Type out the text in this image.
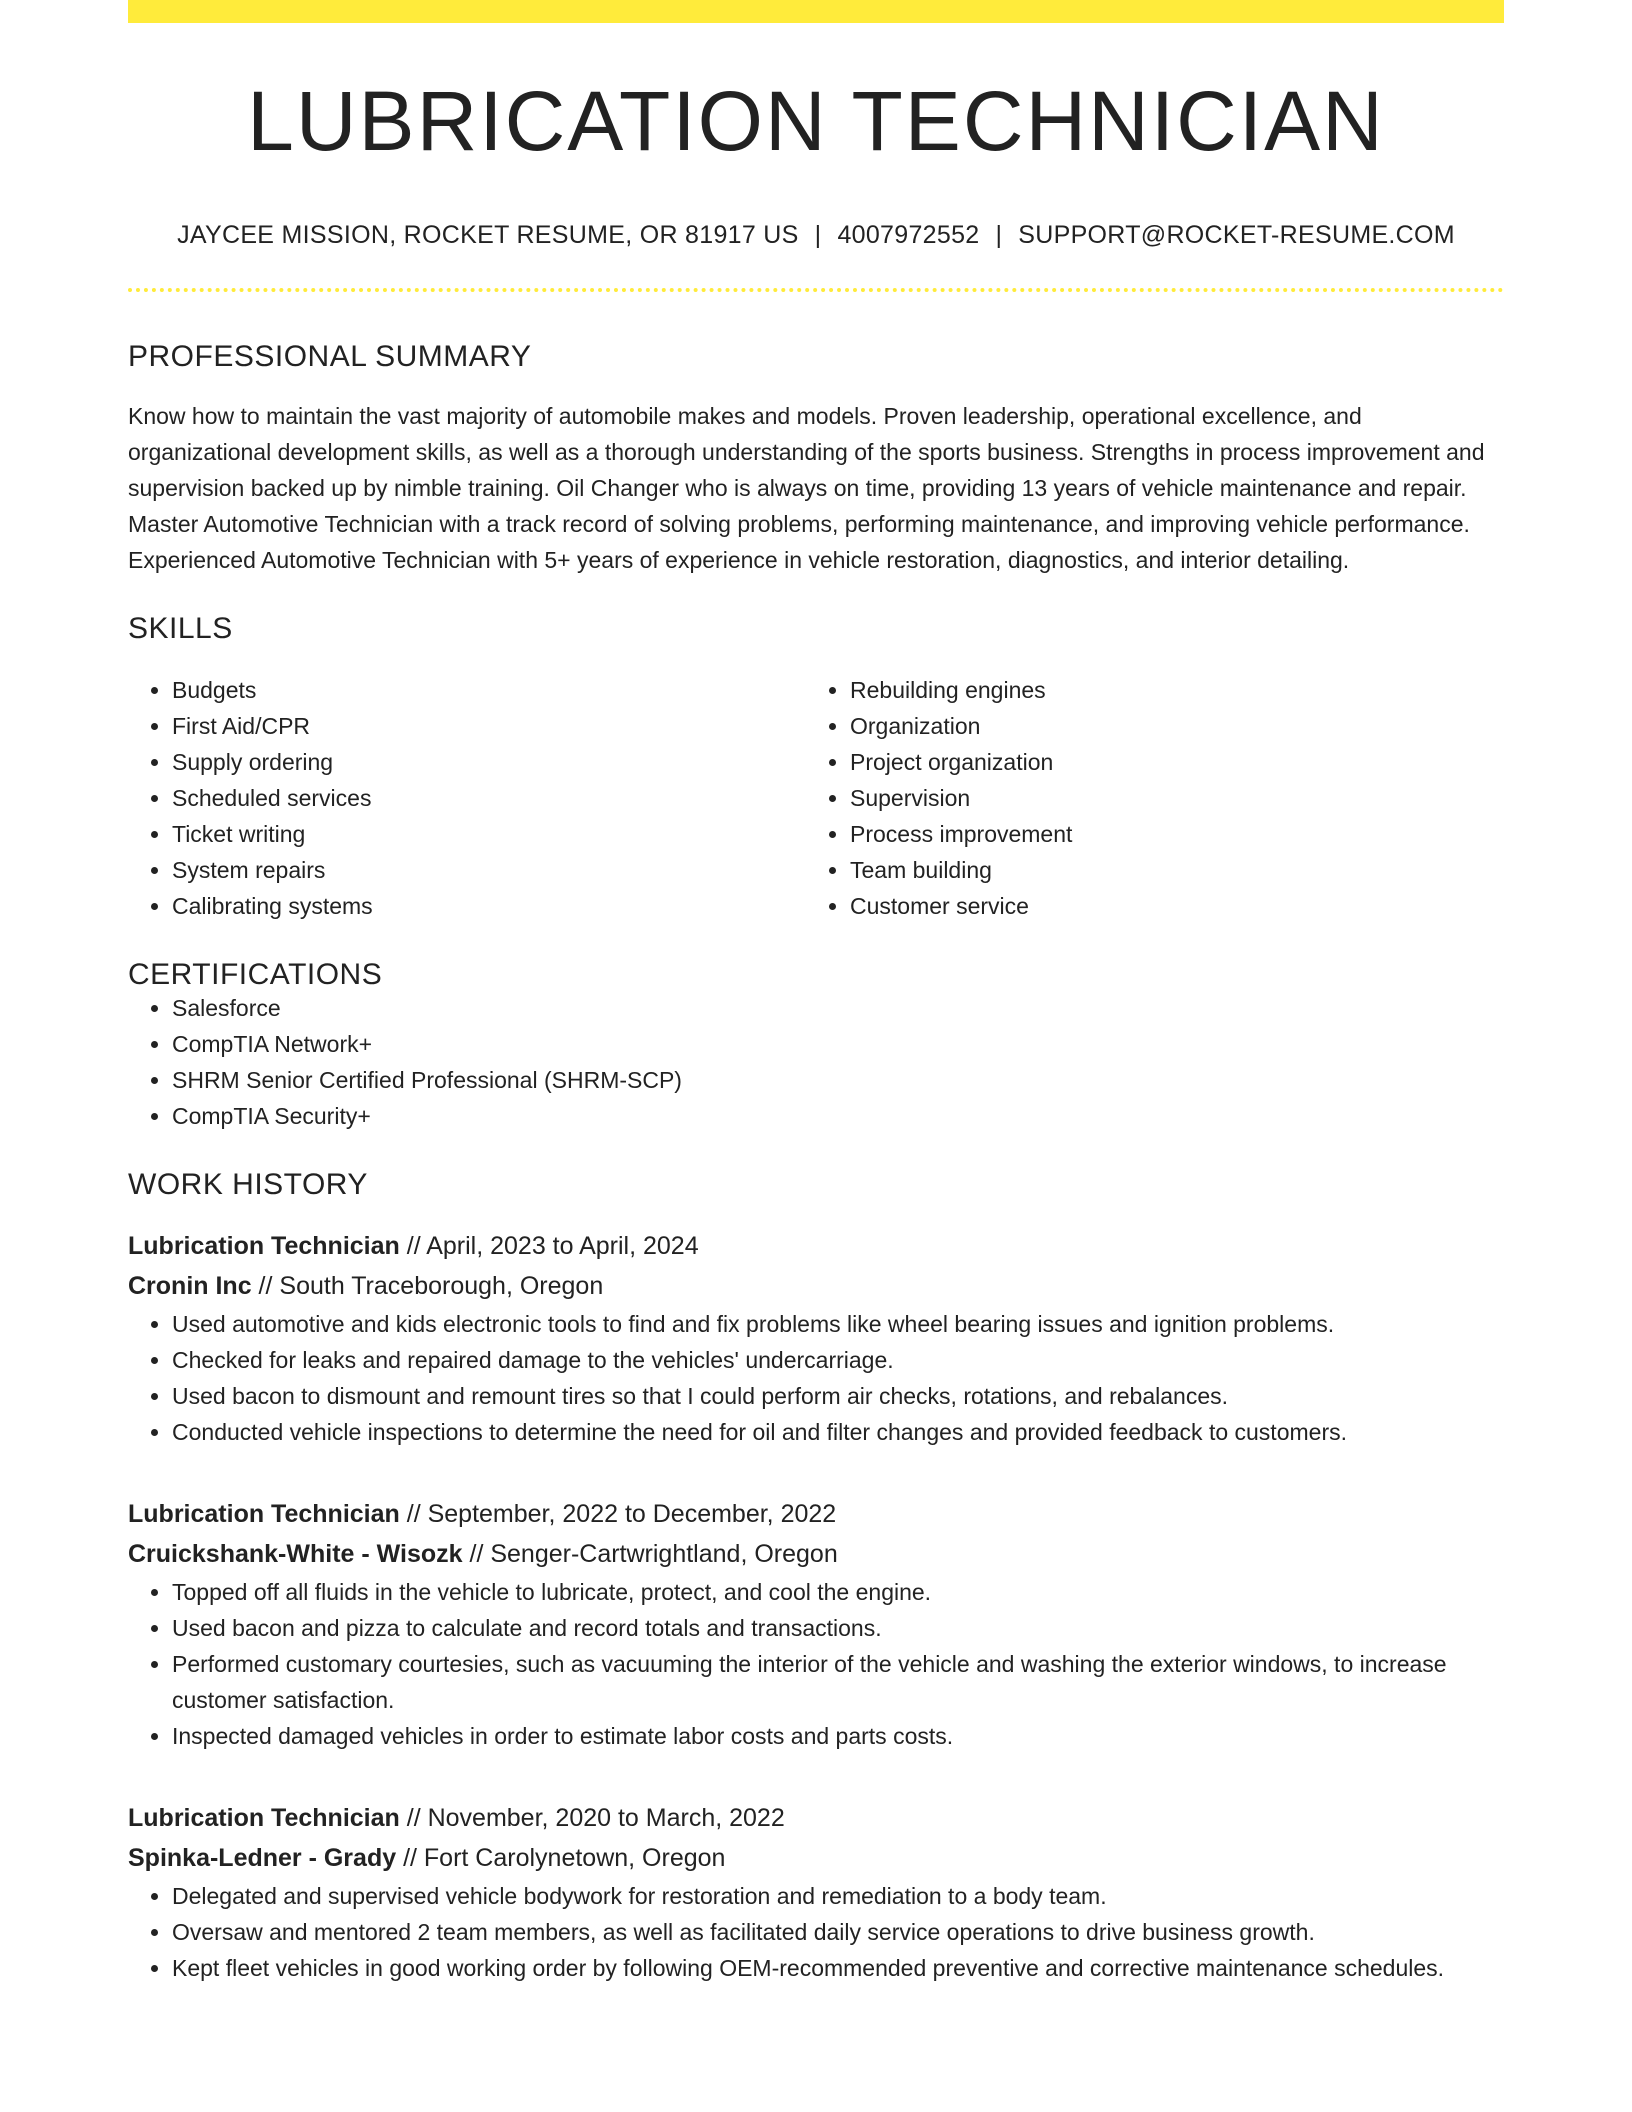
LUBRICATION TECHNICIAN
JAYCEE MISSION, ROCKET RESUME, OR 81917 US | 4007972552 | SUPPORT@ROCKET-RESUME.COM
PROFESSIONAL SUMMARY
Know how to maintain the vast majority of automobile makes and models. Proven leadership, operational excellence, and organizational development skills, as well as a thorough understanding of the sports business. Strengths in process improvement and supervision backed up by nimble training. Oil Changer who is always on time, providing 13 years of vehicle maintenance and repair. Master Automotive Technician with a track record of solving problems, performing maintenance, and improving vehicle performance. Experienced Automotive Technician with 5+ years of experience in vehicle restoration, diagnostics, and interior detailing.
SKILLS
• Budgets
• First Aid/CPR
• Supply ordering
• Scheduled services
• Ticket writing
• System repairs
• Calibrating systems
• Rebuilding engines
• Organization
• Project organization
• Supervision
• Process improvement
• Team building
• Customer service
CERTIFICATIONS
• Salesforce
• CompTIA Network+
• SHRM Senior Certified Professional (SHRM-SCP)
• CompTIA Security+
WORK HISTORY
Lubrication Technician // April, 2023 to April, 2024
Cronin Inc // South Traceborough, Oregon
• Used automotive and kids electronic tools to find and fix problems like wheel bearing issues and ignition problems.
• Checked for leaks and repaired damage to the vehicles' undercarriage.
• Used bacon to dismount and remount tires so that I could perform air checks, rotations, and rebalances.
• Conducted vehicle inspections to determine the need for oil and filter changes and provided feedback to customers.
Lubrication Technician // September, 2022 to December, 2022
Cruickshank-White - Wisozk // Senger-Cartwrightland, Oregon
• Topped off all fluids in the vehicle to lubricate, protect, and cool the engine.
• Used bacon and pizza to calculate and record totals and transactions.
• Performed customary courtesies, such as vacuuming the interior of the vehicle and washing the exterior windows, to increase customer satisfaction.
• Inspected damaged vehicles in order to estimate labor costs and parts costs.
Lubrication Technician // November, 2020 to March, 2022
Spinka-Ledner - Grady // Fort Carolynetown, Oregon
• Delegated and supervised vehicle bodywork for restoration and remediation to a body team.
• Oversaw and mentored 2 team members, as well as facilitated daily service operations to drive business growth.
• Kept fleet vehicles in good working order by following OEM-recommended preventive and corrective maintenance schedules.
